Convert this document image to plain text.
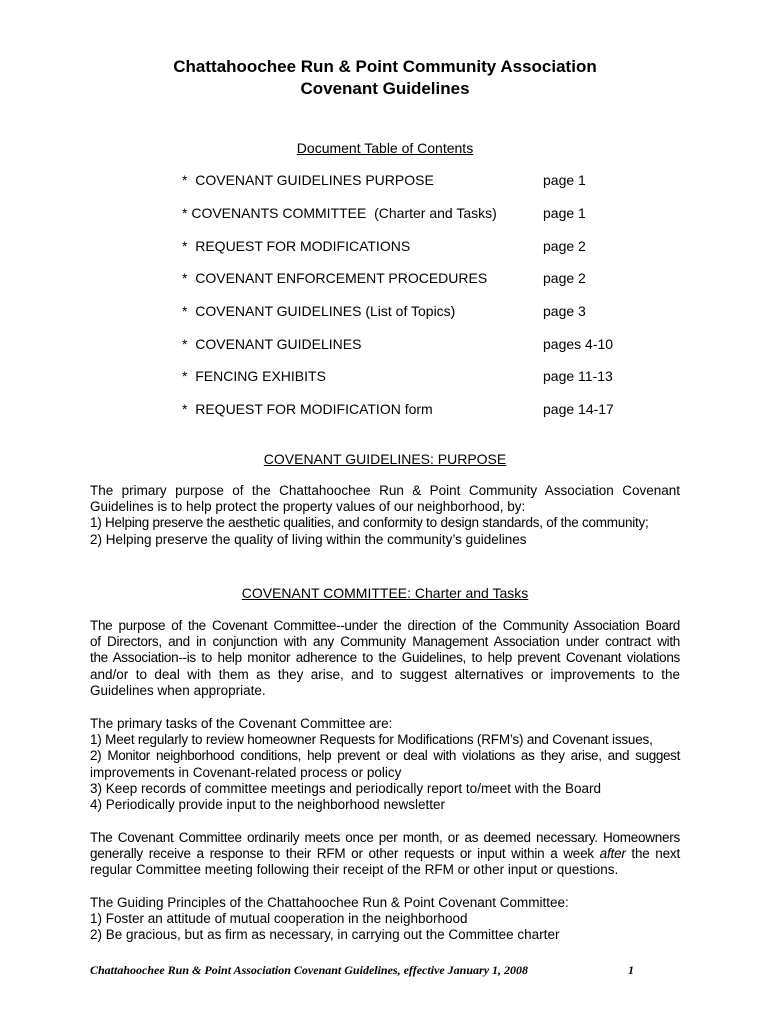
Chattahoochee Run & Point Community Association
Covenant Guidelines
Document Table of Contents
*  COVENANT GUIDELINES PURPOSE	page 1
* COVENANTS COMMITTEE  (Charter and Tasks)	page 1
*  REQUEST FOR MODIFICATIONS	page 2
*  COVENANT ENFORCEMENT PROCEDURES	page 2
*  COVENANT GUIDELINES (List of Topics)	page 3
*  COVENANT GUIDELINES	pages 4-10
*  FENCING EXHIBITS	page 11-13
*  REQUEST FOR MODIFICATION form	page 14-17
COVENANT GUIDELINES: PURPOSE
The primary purpose of the Chattahoochee Run & Point Community Association Covenant
Guidelines is to help protect the property values of our neighborhood, by:
1) Helping preserve the aesthetic qualities, and conformity to design standards, of the community;
2) Helping preserve the quality of living within the community’s guidelines
COVENANT COMMITTEE: Charter and Tasks
The purpose of the Covenant Committee--under the direction of the Community Association Board
of Directors, and in conjunction with any Community Management Association under contract with
the Association--is to help monitor adherence to the Guidelines, to help prevent Covenant violations
and/or to deal with them as they arise, and to suggest alternatives or improvements to the
Guidelines when appropriate.
The primary tasks of the Covenant Committee are:
1) Meet regularly to review homeowner Requests for Modifications (RFM’s) and Covenant issues,
2) Monitor neighborhood conditions, help prevent or deal with violations as they arise, and suggest
improvements in Covenant-related process or policy
3) Keep records of committee meetings and periodically report to/meet with the Board
4) Periodically provide input to the neighborhood newsletter
The Covenant Committee ordinarily meets once per month, or as deemed necessary. Homeowners
generally receive a response to their RFM or other requests or input within a week after the next
regular Committee meeting following their receipt of the RFM or other input or questions.
The Guiding Principles of the Chattahoochee Run & Point Covenant Committee:
1) Foster an attitude of mutual cooperation in the neighborhood
2) Be gracious, but as firm as necessary, in carrying out the Committee charter
Chattahoochee Run & Point Association Covenant Guidelines, effective January 1, 2008	1
